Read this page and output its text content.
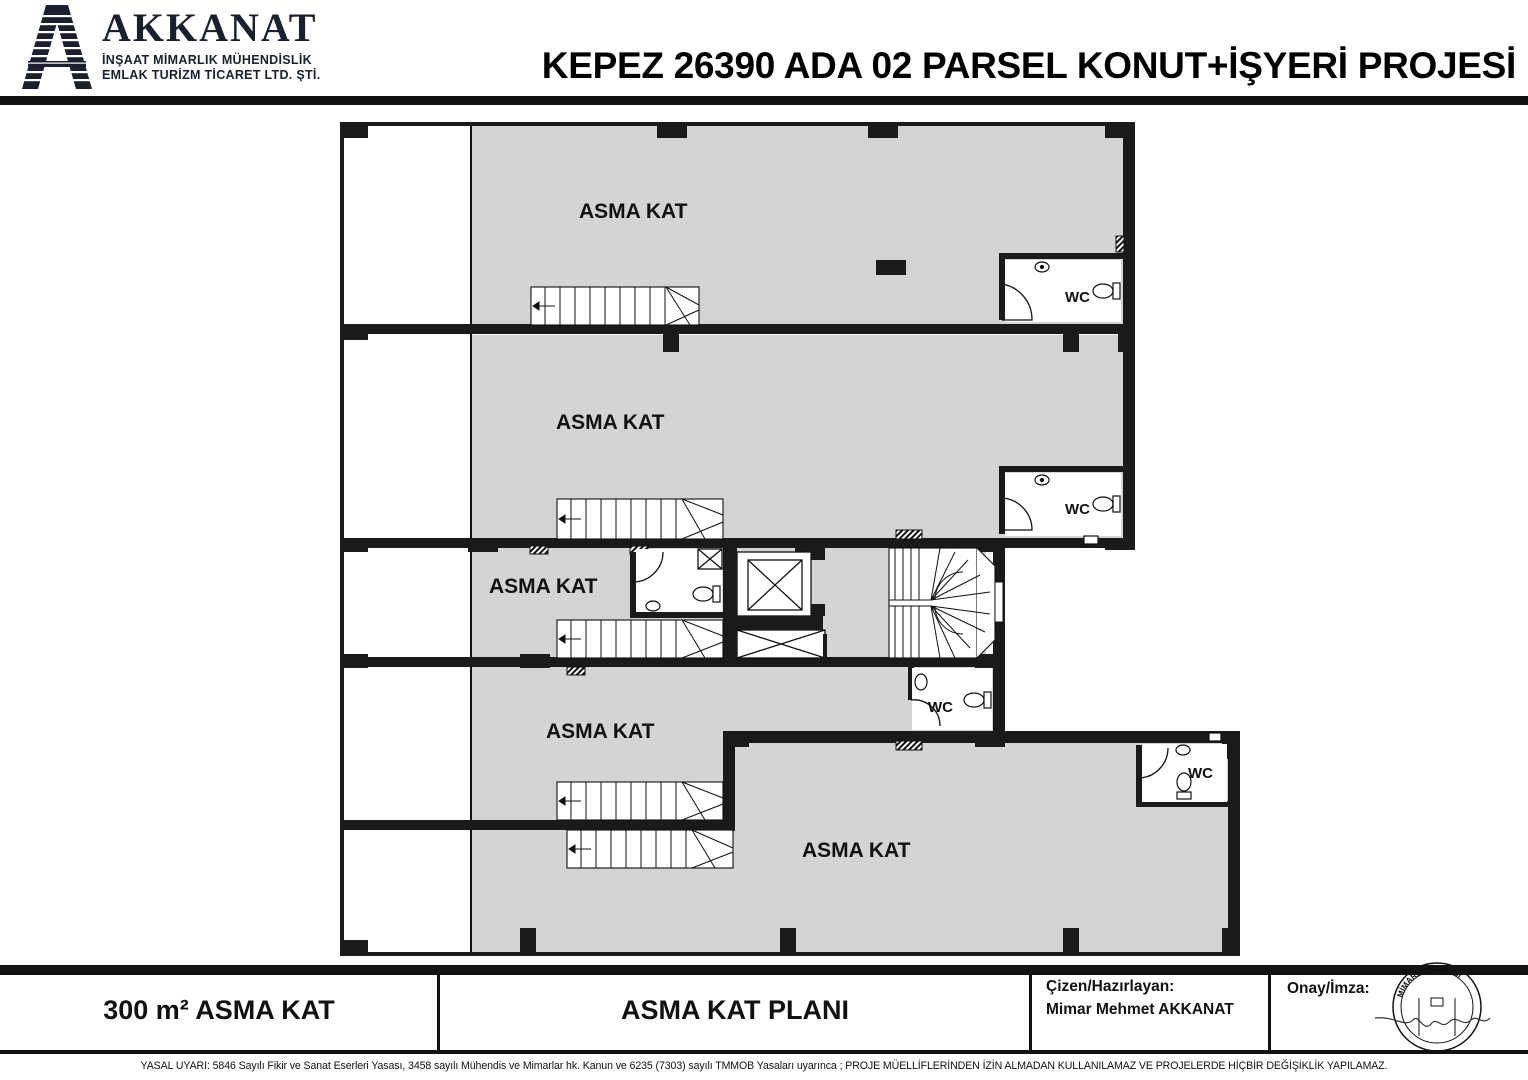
AKKANAT
İNŞAAT MİMARLIK MÜHENDİSLİK
EMLAK TURİZM TİCARET LTD. ŞTİ.	KEPEZ 26390 ADA 02 PARSEL KONUT+İŞYERİ PROJESİ
ASMA KAT
ASMA KAT
ASMA KAT
ASMA KAT
ASMA KAT
WC
WC
WC
WC
300 m² ASMA KAT	ASMA KAT PLANI
Çizen/Hazırlayan:
Mimar Mehmet AKKANAT
Onay/İmza:	MİMARLAR ODASI
YASAL UYARI: 5846 Sayılı Fikir ve Sanat Eserleri Yasası, 3458 sayılı Mühendis ve Mimarlar hk. Kanun ve 6235 (7303) sayılı TMMOB Yasaları uyarınca ; PROJE MÜELLİFLERİNDEN İZİN ALMADAN KULLANILAMAZ VE PROJELERDE HİÇBİR DEĞİŞİKLİK YAPILAMAZ.
